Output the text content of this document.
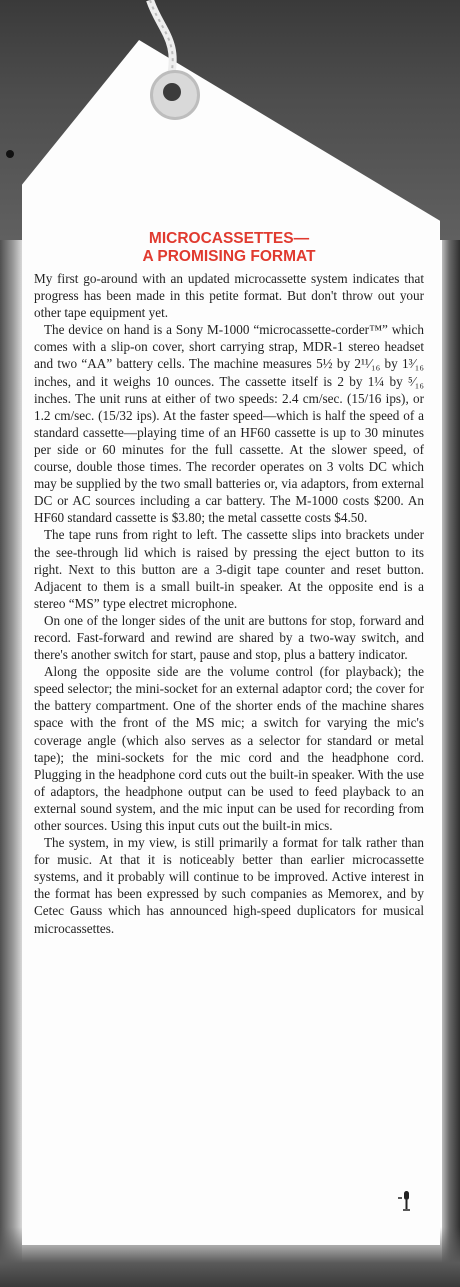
MICROCASSETTES—
A PROMISING FORMAT

My first go-around with an updated microcassette system indicates that progress has been made in this petite format. But don't throw out your other tape equipment yet.

The device on hand is a Sony M-1000 “microcassette-corder™” which comes with a slip-on cover, short carrying strap, MDR-1 stereo headset and two “AA” battery cells. The machine measures 5½ by 2¹¹⁄₁₆ by 1³⁄₁₆ inches, and it weighs 10 ounces. The cassette itself is 2 by 1¼ by ⁵⁄₁₆ inches. The unit runs at either of two speeds: 2.4 cm/sec. (15/16 ips), or 1.2 cm/sec. (15/32 ips). At the faster speed—which is half the speed of a standard cassette—playing time of an HF60 cassette is up to 30 minutes per side or 60 minutes for the full cassette. At the slower speed, of course, double those times. The recorder operates on 3 volts DC which may be supplied by the two small batteries or, via adaptors, from external DC or AC sources including a car battery. The M-1000 costs $200. An HF60 standard cassette is $3.80; the metal cassette costs $4.50.

The tape runs from right to left. The cassette slips into brackets under the see-through lid which is raised by pressing the eject button to its right. Next to this button are a 3-digit tape counter and reset button. Adjacent to them is a small built-in speaker. At the opposite end is a stereo “MS” type electret microphone.

On one of the longer sides of the unit are buttons for stop, forward and record. Fast-forward and rewind are shared by a two-way switch, and there's another switch for start, pause and stop, plus a battery indicator.

Along the opposite side are the volume control (for playback); the speed selector; the mini-socket for an external adaptor cord; the cover for the battery compartment. One of the shorter ends of the machine shares space with the front of the MS mic; a switch for varying the mic's coverage angle (which also serves as a selector for standard or metal tape); the mini-sockets for the mic cord and the headphone cord. Plugging in the headphone cord cuts out the built-in speaker. With the use of adaptors, the headphone output can be used to feed playback to an external sound system, and the mic input can be used for recording from other sources. Using this input cuts out the built-in mics.

The system, in my view, is still primarily a format for talk rather than for music. At that it is noticeably better than earlier microcassette systems, and it probably will continue to be improved. Active interest in the format has been expressed by such companies as Memorex, and by Cetec Gauss which has announced high-speed duplicators for musical microcassettes.
